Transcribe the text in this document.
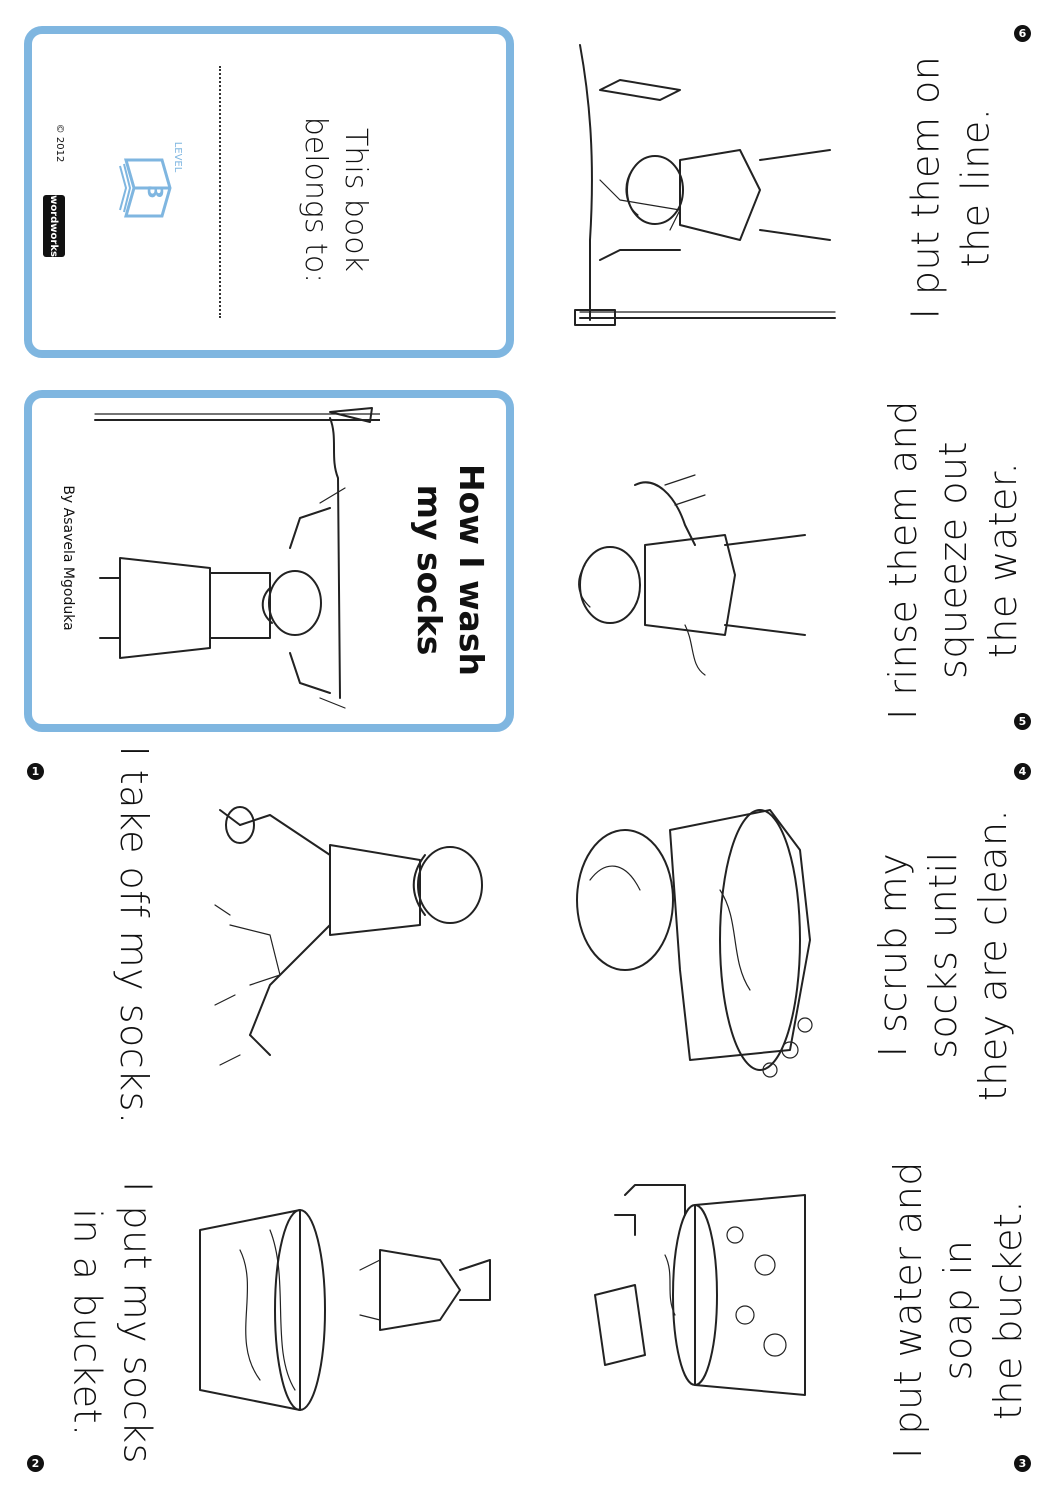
This book
belongs to:
3
LEVEL
© 2012
wordworks
How I wash
my socks
By Asavela Mgoduka
1 I take off my socks.
2 I put my socks
in a bucket.
3
I put water and soap in the bucket.
4
I scrub my socks until they are clean.
5
I rinse them and squeeze out the water.
6
I put them on the line.
